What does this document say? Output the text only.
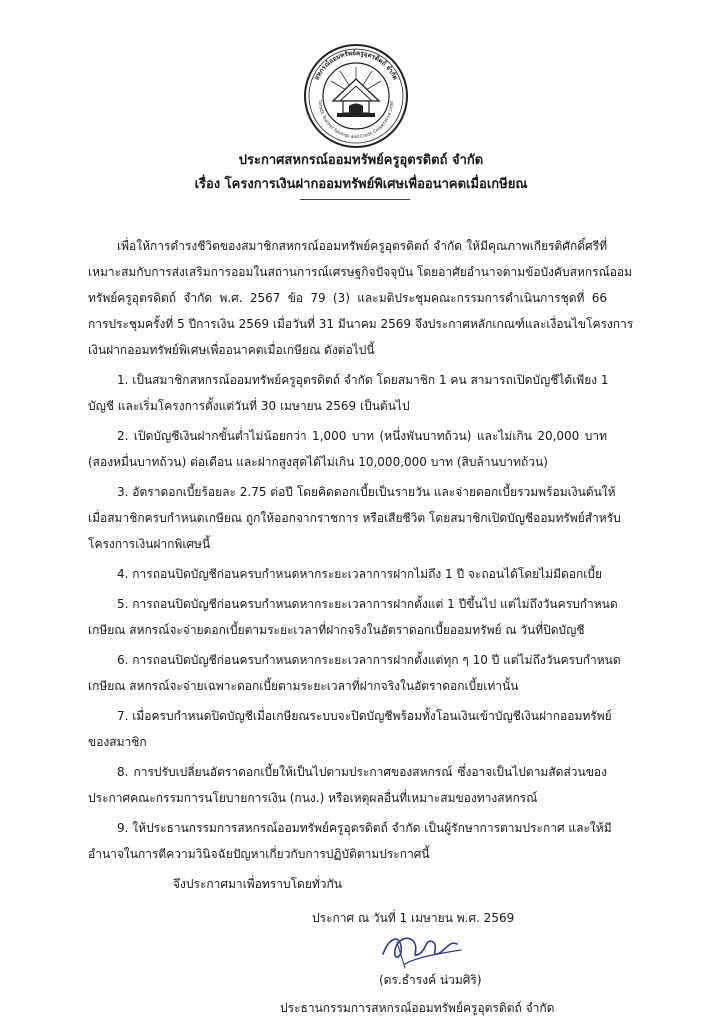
สหกรณ์ออมทรัพย์ครูอุตรดิตถ์ จำกัด
taradit Teacher Savings and Credit Cooperative Limit
ประกาศสหกรณ์ออมทรัพย์ครูอุตรดิตถ์ จำกัด
เรื่อง โครงการเงินฝากออมทรัพย์พิเศษเพื่ออนาคตเมื่อเกษียณ
เพื่อให้การดำรงชีวิตของสมาชิกสหกรณ์ออมทรัพย์ครูอุตรดิตถ์ จำกัด ให้มีคุณภาพเกียรติศักดิ์ศรีที่
เหมาะสมกับการส่งเสริมการออมในสถานการณ์เศรษฐกิจปัจจุบัน โดยอาศัยอำนาจตามข้อบังคับสหกรณ์ออม
ทรัพย์ครูอุตรดิตถ์ จำกัด พ.ศ. 2567 ข้อ 79 (3) และมติประชุมคณะกรรมการดำเนินการชุดที่ 66
การประชุมครั้งที่ 5 ปีการเงิน 2569 เมื่อวันที่ 31 มีนาคม 2569 จึงประกาศหลักเกณฑ์และเงื่อนไขโครงการ
เงินฝากออมทรัพย์พิเศษเพื่ออนาคตเมื่อเกษียณ ดังต่อไปนี้
1. เป็นสมาชิกสหกรณ์ออมทรัพย์ครูอุตรดิตถ์ จำกัด โดยสมาชิก 1 คน สามารถเปิดบัญชีได้เพียง 1
บัญชี และเริ่มโครงการตั้งแต่วันที่ 30 เมษายน 2569 เป็นต้นไป
2. เปิดบัญชีเงินฝากขั้นต่ำไม่น้อยกว่า 1,000 บาท (หนึ่งพันบาทถ้วน) และไม่เกิน 20,000 บาท
(สองหมื่นบาทถ้วน) ต่อเดือน และฝากสูงสุดได้ไม่เกิน 10,000,000 บาท (สิบล้านบาทถ้วน)
3. อัตราดอกเบี้ยร้อยละ 2.75 ต่อปี โดยคิดดอกเบี้ยเป็นรายวัน และจ่ายดอกเบี้ยรวมพร้อมเงินต้นให้
เมื่อสมาชิกครบกำหนดเกษียณ ถูกให้ออกจากราชการ หรือเสียชีวิต โดยสมาชิกเปิดบัญชีออมทรัพย์สำหรับ
โครงการเงินฝากพิเศษนี้
4. การถอนปิดบัญชีก่อนครบกำหนดหากระยะเวลาการฝากไม่ถึง 1 ปี จะถอนได้โดยไม่มีดอกเบี้ย
5. การถอนปิดบัญชีก่อนครบกำหนดหากระยะเวลาการฝากตั้งแต่ 1 ปีขึ้นไป แต่ไม่ถึงวันครบกำหนด
เกษียณ สหกรณ์จะจ่ายดอกเบี้ยตามระยะเวลาที่ฝากจริงในอัตราดอกเบี้ยออมทรัพย์ ณ วันที่ปิดบัญชี
6. การถอนปิดบัญชีก่อนครบกำหนดหากระยะเวลาการฝากตั้งแต่ทุก ๆ 10 ปี แต่ไม่ถึงวันครบกำหนด
เกษียณ สหกรณ์จะจ่ายเฉพาะดอกเบี้ยตามระยะเวลาที่ฝากจริงในอัตราดอกเบี้ยเท่านั้น
7. เมื่อครบกำหนดปิดบัญชีเมื่อเกษียณระบบจะปิดบัญชีพร้อมทั้งโอนเงินเข้าบัญชีเงินฝากออมทรัพย์
ของสมาชิก
8. การปรับเปลี่ยนอัตราดอกเบี้ยให้เป็นไปตามประกาศของสหกรณ์ ซึ่งอาจเป็นไปตามสัดส่วนของ
ประกาศคณะกรรมการนโยบายการเงิน (กนง.) หรือเหตุผลอื่นที่เหมาะสมของทางสหกรณ์
9. ให้ประธานกรรมการสหกรณ์ออมทรัพย์ครูอุตรดิตถ์ จำกัด เป็นผู้รักษาการตามประกาศ และให้มี
อำนาจในการตีความวินิจฉัยปัญหาเกี่ยวกับการปฏิบัติตามประกาศนี้
จึงประกาศมาเพื่อทราบโดยทั่วกัน
ประกาศ ณ วันที่ 1 เมษายน พ.ศ. 2569
(ดร.ธำรงค์ น่วมศิริ)
ประธานกรรมการสหกรณ์ออมทรัพย์ครูอุตรดิตถ์ จำกัด
